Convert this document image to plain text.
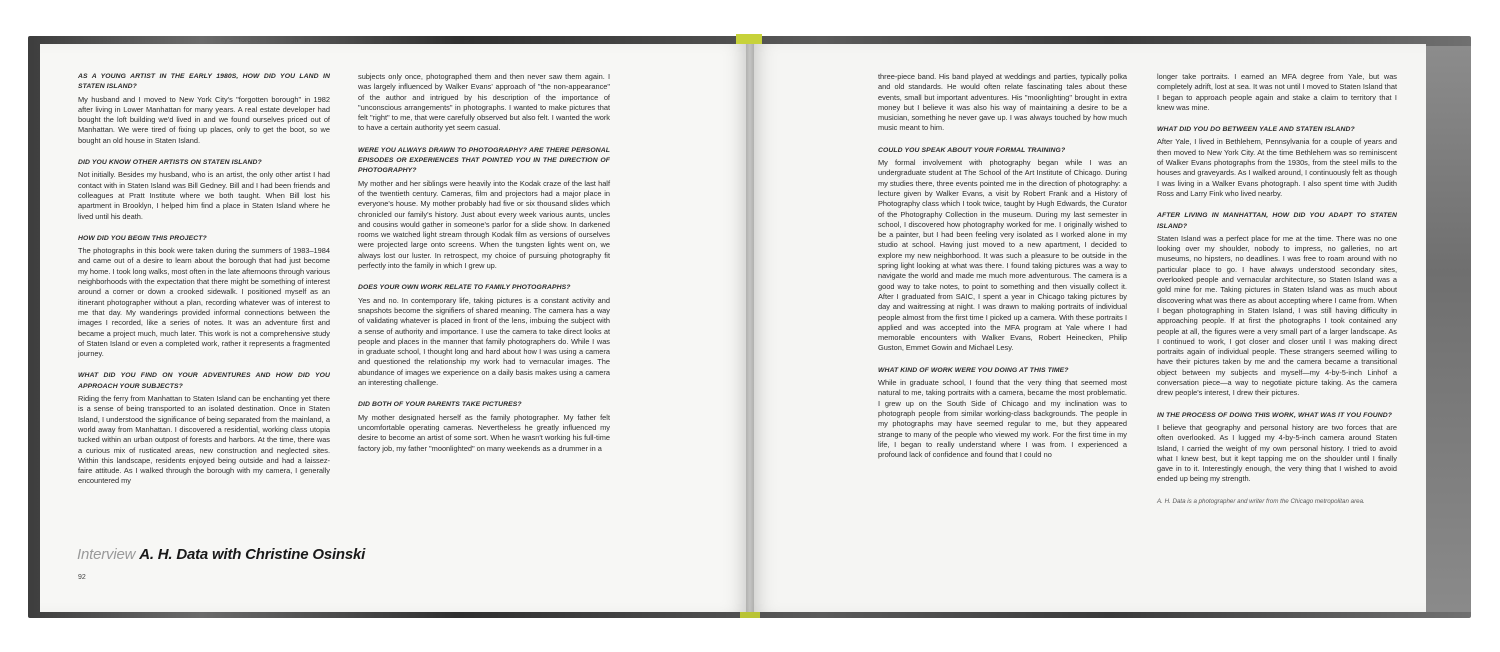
AS A YOUNG ARTIST IN THE EARLY 1980S, HOW DID YOU LAND IN STATEN ISLAND?
My husband and I moved to New York City's "forgotten borough" in 1982 after living in Lower Manhattan for many years. A real estate developer had bought the loft building we'd lived in and we found ourselves priced out of Manhattan. We were tired of fixing up places, only to get the boot, so we bought an old house in Staten Island.
DID YOU KNOW OTHER ARTISTS ON STATEN ISLAND?
Not initially. Besides my husband, who is an artist, the only other artist I had contact with in Staten Island was Bill Gedney. Bill and I had been friends and colleagues at Pratt Institute where we both taught. When Bill lost his apartment in Brooklyn, I helped him find a place in Staten Island where he lived until his death.
HOW DID YOU BEGIN THIS PROJECT?
The photographs in this book were taken during the summers of 1983–1984 and came out of a desire to learn about the borough that had just become my home. I took long walks, most often in the late afternoons through various neighborhoods with the expectation that there might be something of interest around a corner or down a crooked sidewalk. I positioned myself as an itinerant photographer without a plan, recording whatever was of interest to me that day. My wanderings provided informal connections between the images I recorded, like a series of notes. It was an adventure first and became a project much, much later. This work is not a comprehensive study of Staten Island or even a completed work, rather it represents a fragmented journey.
WHAT DID YOU FIND ON YOUR ADVENTURES AND HOW DID YOU APPROACH YOUR SUBJECTS?
Riding the ferry from Manhattan to Staten Island can be enchanting yet there is a sense of being transported to an isolated destination. Once in Staten Island, I understood the significance of being separated from the mainland, a world away from Manhattan. I discovered a residential, working class utopia tucked within an urban outpost of forests and harbors. At the time, there was a curious mix of rusticated areas, new construction and neglected sites. Within this landscape, residents enjoyed being outside and had a laissez-faire attitude. As I walked through the borough with my camera, I generally encountered my
subjects only once, photographed them and then never saw them again. I was largely influenced by Walker Evans' approach of "the non-appearance" of the author and intrigued by his description of the importance of "unconscious arrangements" in photographs. I wanted to make pictures that felt "right" to me, that were carefully observed but also felt. I wanted the work to have a certain authority yet seem casual.
WERE YOU ALWAYS DRAWN TO PHOTOGRAPHY? ARE THERE PERSONAL EPISODES OR EXPERIENCES THAT POINTED YOU IN THE DIRECTION OF PHOTOGRAPHY?
My mother and her siblings were heavily into the Kodak craze of the last half of the twentieth century. Cameras, film and projectors had a major place in everyone's house. My mother probably had five or six thousand slides which chronicled our family's history. Just about every week various aunts, uncles and cousins would gather in someone's parlor for a slide show. In darkened rooms we watched light stream through Kodak film as versions of ourselves were projected large onto screens. When the tungsten lights went on, we always lost our luster. In retrospect, my choice of pursuing photography fit perfectly into the family in which I grew up.
DOES YOUR OWN WORK RELATE TO FAMILY PHOTOGRAPHS?
Yes and no. In contemporary life, taking pictures is a constant activity and snapshots become the signifiers of shared meaning. The camera has a way of validating whatever is placed in front of the lens, imbuing the subject with a sense of authority and importance. I use the camera to take direct looks at people and places in the manner that family photographers do. While I was in graduate school, I thought long and hard about how I was using a camera and questioned the relationship my work had to vernacular images. The abundance of images we experience on a daily basis makes using a camera an interesting challenge.
DID BOTH OF YOUR PARENTS TAKE PICTURES?
My mother designated herself as the family photographer. My father felt uncomfortable operating cameras. Nevertheless he greatly influenced my desire to become an artist of some sort. When he wasn't working his full-time factory job, my father "moonlighted" on many weekends as a drummer in a
three-piece band. His band played at weddings and parties, typically polka and old standards. He would often relate fascinating tales about these events, small but important adventures. His "moonlighting" brought in extra money but I believe it was also his way of maintaining a desire to be a musician, something he never gave up. I was always touched by how much music meant to him.
COULD YOU SPEAK ABOUT YOUR FORMAL TRAINING?
My formal involvement with photography began while I was an undergraduate student at The School of the Art Institute of Chicago. During my studies there, three events pointed me in the direction of photography: a lecture given by Walker Evans, a visit by Robert Frank and a History of Photography class which I took twice, taught by Hugh Edwards, the Curator of the Photography Collection in the museum. During my last semester in school, I discovered how photography worked for me. I originally wished to be a painter, but I had been feeling very isolated as I worked alone in my studio at school. Having just moved to a new apartment, I decided to explore my new neighborhood. It was such a pleasure to be outside in the spring light looking at what was there. I found taking pictures was a way to navigate the world and made me much more adventurous. The camera is a good way to take notes, to point to something and then visually collect it. After I graduated from SAIC, I spent a year in Chicago taking pictures by day and waitressing at night. I was drawn to making portraits of individual people almost from the first time I picked up a camera. With these portraits I applied and was accepted into the MFA program at Yale where I had memorable encounters with Walker Evans, Robert Heinecken, Philip Guston, Emmet Gowin and Michael Lesy.
WHAT KIND OF WORK WERE YOU DOING AT THIS TIME?
While in graduate school, I found that the very thing that seemed most natural to me, taking portraits with a camera, became the most problematic. I grew up on the South Side of Chicago and my inclination was to photograph people from similar working-class backgrounds. The people in my photographs may have seemed regular to me, but they appeared strange to many of the people who viewed my work. For the first time in my life, I began to really understand where I was from. I experienced a profound lack of confidence and found that I could no
longer take portraits. I earned an MFA degree from Yale, but was completely adrift, lost at sea. It was not until I moved to Staten Island that I began to approach people again and stake a claim to territory that I knew was mine.
WHAT DID YOU DO BETWEEN YALE AND STATEN ISLAND?
After Yale, I lived in Bethlehem, Pennsylvania for a couple of years and then moved to New York City. At the time Bethlehem was so reminiscent of Walker Evans photographs from the 1930s, from the steel mills to the houses and graveyards. As I walked around, I continuously felt as though I was living in a Walker Evans photograph. I also spent time with Judith Ross and Larry Fink who lived nearby.
AFTER LIVING IN MANHATTAN, HOW DID YOU ADAPT TO STATEN ISLAND?
Staten Island was a perfect place for me at the time. There was no one looking over my shoulder, nobody to impress, no galleries, no art museums, no hipsters, no deadlines. I was free to roam around with no particular place to go. I have always understood secondary sites, overlooked people and vernacular architecture, so Staten Island was a gold mine for me. Taking pictures in Staten Island was as much about discovering what was there as about accepting where I came from. When I began photographing in Staten Island, I was still having difficulty in approaching people. If at first the photographs I took contained any people at all, the figures were a very small part of a larger landscape. As I continued to work, I got closer and closer until I was making direct portraits again of individual people. These strangers seemed willing to have their pictures taken by me and the camera became a transitional object between my subjects and myself—my 4-by-5-inch Linhof a conversation piece—a way to negotiate picture taking. As the camera drew people's interest, I drew their pictures.
IN THE PROCESS OF DOING THIS WORK, WHAT WAS IT YOU FOUND?
I believe that geography and personal history are two forces that are often overlooked. As I lugged my 4-by-5-inch camera around Staten Island, I carried the weight of my own personal history. I tried to avoid what I knew best, but it kept tapping me on the shoulder until I finally gave in to it. Interestingly enough, the very thing that I wished to avoid ended up being my strength.
A. H. Data is a photographer and writer from the Chicago metropolitan area.
Interview A. H. Data with Christine Osinski
92
